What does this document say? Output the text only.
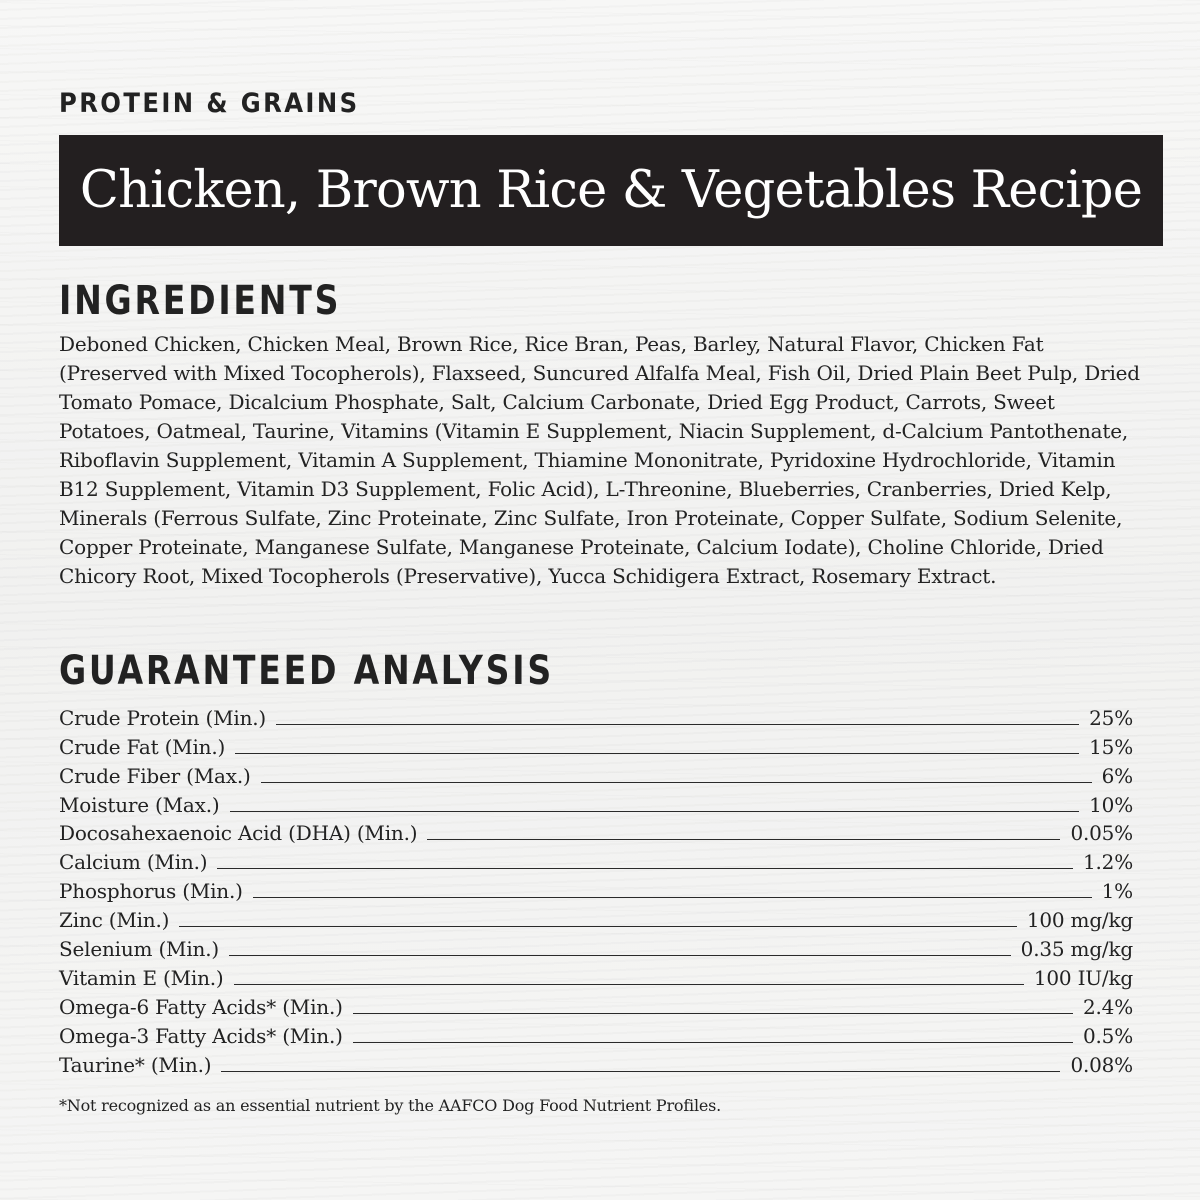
PROTEIN & GRAINS
Chicken, Brown Rice & Vegetables Recipe
INGREDIENTS
Deboned Chicken, Chicken Meal, Brown Rice, Rice Bran, Peas, Barley, Natural Flavor, Chicken Fat (Preserved with Mixed Tocopherols), Flaxseed, Suncured Alfalfa Meal, Fish Oil, Dried Plain Beet Pulp, Dried Tomato Pomace, Dicalcium Phosphate, Salt, Calcium Carbonate, Dried Egg Product, Carrots, Sweet Potatoes, Oatmeal, Taurine, Vitamins (Vitamin E Supplement, Niacin Supplement, d-Calcium Pantothenate, Riboflavin Supplement, Vitamin A Supplement, Thiamine Mononitrate, Pyridoxine Hydrochloride, Vitamin B12 Supplement, Vitamin D3 Supplement, Folic Acid), L-Threonine, Blueberries, Cranberries, Dried Kelp, Minerals (Ferrous Sulfate, Zinc Proteinate, Zinc Sulfate, Iron Proteinate, Copper Sulfate, Sodium Selenite, Copper Proteinate, Manganese Sulfate, Manganese Proteinate, Calcium Iodate), Choline Chloride, Dried Chicory Root, Mixed Tocopherols (Preservative), Yucca Schidigera Extract, Rosemary Extract.
GUARANTEED ANALYSIS
Crude Protein (Min.)	25%
Crude Fat (Min.)	15%
Crude Fiber (Max.)	6%
Moisture (Max.)	10%
Docosahexaenoic Acid (DHA) (Min.)	0.05%
Calcium (Min.)	1.2%
Phosphorus (Min.)	1%
Zinc (Min.)	100 mg/kg
Selenium (Min.)	0.35 mg/kg
Vitamin E (Min.)	100 IU/kg
Omega-6 Fatty Acids* (Min.)	2.4%
Omega-3 Fatty Acids* (Min.)	0.5%
Taurine* (Min.)	0.08%
*Not recognized as an essential nutrient by the AAFCO Dog Food Nutrient Profiles.
